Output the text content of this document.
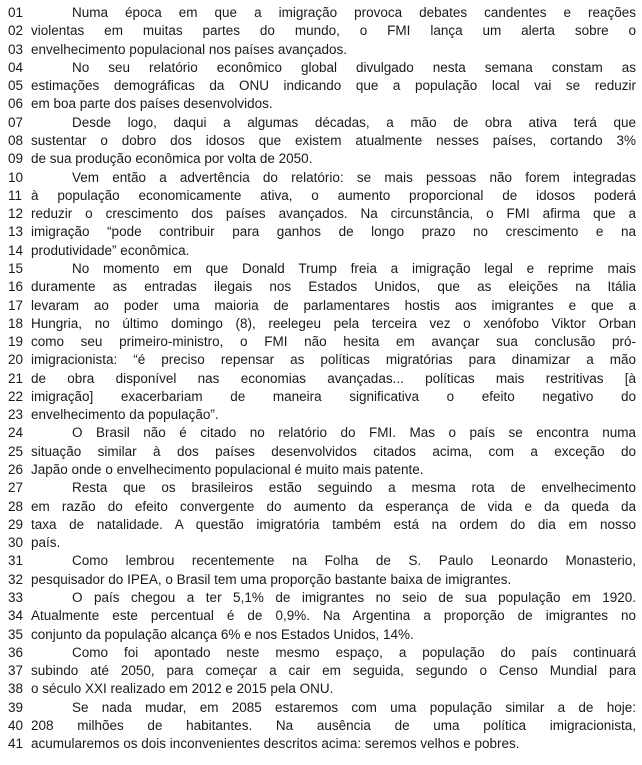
01	Numa época em que a imigração provoca debates candentes e reações
02 violentas em muitas partes do mundo, o FMI lança um alerta sobre o
03 envelhecimento populacional nos países avançados.
04	No seu relatório econômico global divulgado nesta semana constam as
05 estimações demográficas da ONU indicando que a população local vai se reduzir
06 em boa parte dos países desenvolvidos.
07	Desde logo, daqui a algumas décadas, a mão de obra ativa terá que
08 sustentar o dobro dos idosos que existem atualmente nesses países, cortando 3%
09 de sua produção econômica por volta de 2050.
10	Vem então a advertência do relatório: se mais pessoas não forem integradas
11 à população economicamente ativa, o aumento proporcional de idosos poderá
12 reduzir o crescimento dos países avançados. Na circunstância, o FMI afirma que a
13 imigração “pode contribuir para ganhos de longo prazo no crescimento e na
14 produtividade” econômica.
15	No momento em que Donald Trump freia a imigração legal e reprime mais
16 duramente as entradas ilegais nos Estados Unidos, que as eleições na Itália
17 levaram ao poder uma maioria de parlamentares hostis aos imigrantes e que a
18 Hungria, no último domingo (8), reelegeu pela terceira vez o xenófobo Viktor Orban
19 como seu primeiro-ministro, o FMI não hesita em avançar sua conclusão pró-
20 imigracionista: “é preciso repensar as políticas migratórias para dinamizar a mão
21 de obra disponível nas economias avançadas... políticas mais restritivas [à
22 imigração] exacerbariam de maneira significativa o efeito negativo do
23 envelhecimento da população”.
24	O Brasil não é citado no relatório do FMI. Mas o país se encontra numa
25 situação similar à dos países desenvolvidos citados acima, com a exceção do
26 Japão onde o envelhecimento populacional é muito mais patente.
27	Resta que os brasileiros estão seguindo a mesma rota de envelhecimento
28 em razão do efeito convergente do aumento da esperança de vida e da queda da
29 taxa de natalidade. A questão imigratória também está na ordem do dia em nosso
30 país.
31	Como lembrou recentemente na Folha de S. Paulo Leonardo Monasterio,
32 pesquisador do IPEA, o Brasil tem uma proporção bastante baixa de imigrantes.
33	O país chegou a ter 5,1% de imigrantes no seio de sua população em 1920.
34 Atualmente este percentual é de 0,9%. Na Argentina a proporção de imigrantes no
35 conjunto da população alcança 6% e nos Estados Unidos, 14%.
36	Como foi apontado neste mesmo espaço, a população do país continuará
37 subindo até 2050, para começar a cair em seguida, segundo o Censo Mundial para
38 o século XXI realizado em 2012 e 2015 pela ONU.
39	Se nada mudar, em 2085 estaremos com uma população similar a de hoje:
40 208 milhões de habitantes. Na ausência de uma política imigracionista,
41 acumularemos os dois inconvenientes descritos acima: seremos velhos e pobres.
